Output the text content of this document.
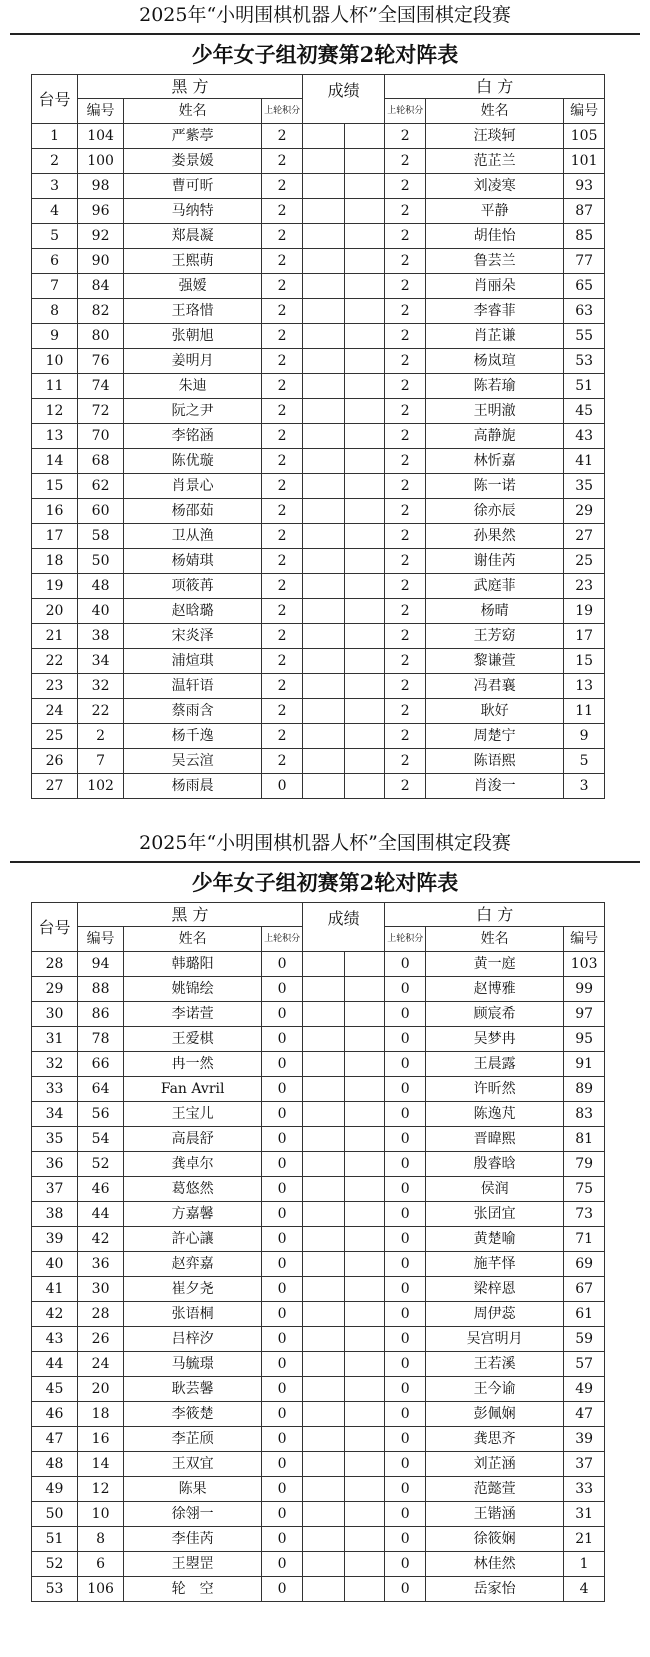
2025年“小明围棋机器人杯”全国围棋定段赛
少年女子组初赛第2轮对阵表
台号	黑 方			成绩		白 方		
	编号	姓名	上轮积分			上轮积分	姓名	编号
1	104	严紫葶	2			2	汪琰轲	105
2	100	娄景媛	2			2	范芷兰	101
3	98	曹可昕	2			2	刘凌寒	93
4	96	马纳特	2			2	平静	87
5	92	郑晨凝	2			2	胡佳怡	85
6	90	王熙萌	2			2	鲁芸兰	77
7	84	强嫒	2			2	肖丽朵	65
8	82	王珞惜	2			2	李睿菲	63
9	80	张朝旭	2			2	肖芷谦	55
10	76	姜明月	2			2	杨岚瑄	53
11	74	朱迪	2			2	陈若瑜	51
12	72	阮之尹	2			2	王明澈	45
13	70	李铭涵	2			2	高静旎	43
14	68	陈优璇	2			2	林忻嘉	41
15	62	肖景心	2			2	陈一诺	35
16	60	杨邵茹	2			2	徐亦辰	29
17	58	卫从渔	2			2	孙果然	27
18	50	杨婧琪	2			2	谢佳芮	25
19	48	项筱苒	2			2	武庭菲	23
20	40	赵晗璐	2			2	杨晴	19
21	38	宋炎泽	2			2	王芳窈	17
22	34	浦煊琪	2			2	黎谦萱	15
23	32	温轩语	2			2	冯君襄	13
24	22	蔡雨含	2			2	耿好	11
25	2	杨千逸	2			2	周楚宁	9
26	7	吴云渲	2			2	陈语熙	5
27	102	杨雨晨	0			2	肖浚一	3
2025年“小明围棋机器人杯”全国围棋定段赛
少年女子组初赛第2轮对阵表
台号	黑 方			成绩		白 方		
	编号	姓名	上轮积分			上轮积分	姓名	编号
28	94	韩璐阳	0			0	黄一庭	103
29	88	姚锦绘	0			0	赵博雅	99
30	86	李诺萱	0			0	顾宸希	97
31	78	王爱棋	0			0	吴梦冉	95
32	66	冉一然	0			0	王晨露	91
33	64	Fan Avril	0			0	许昕然	89
34	56	王宝儿	0			0	陈逸芃	83
35	54	高晨舒	0			0	晋暐熙	81
36	52	龚卓尔	0			0	殷睿晗	79
37	46	葛悠然	0			0	侯润	75
38	44	方嘉馨	0			0	张囝宜	73
39	42	許心讓	0			0	黄楚喻	71
40	36	赵弈嘉	0			0	施芊怿	69
41	30	崔夕尧	0			0	梁梓恩	67
42	28	张语桐	0			0	周伊蕊	61
43	26	吕梓汐	0			0	吴宫明月	59
44	24	马毓璟	0			0	王若溪	57
45	20	耿芸馨	0			0	王今谕	49
46	18	李筱楚	0			0	彭佩娴	47
47	16	李芷颀	0			0	龚思齐	39
48	14	王双宜	0			0	刘芷涵	37
49	12	陈果	0			0	范懿萱	33
50	10	徐翎一	0			0	王锴涵	31
51	8	李佳芮	0			0	徐筱娴	21
52	6	王曌罡	0			0	林佳然	1
53	106	轮　空	0			0	岳家怡	4
